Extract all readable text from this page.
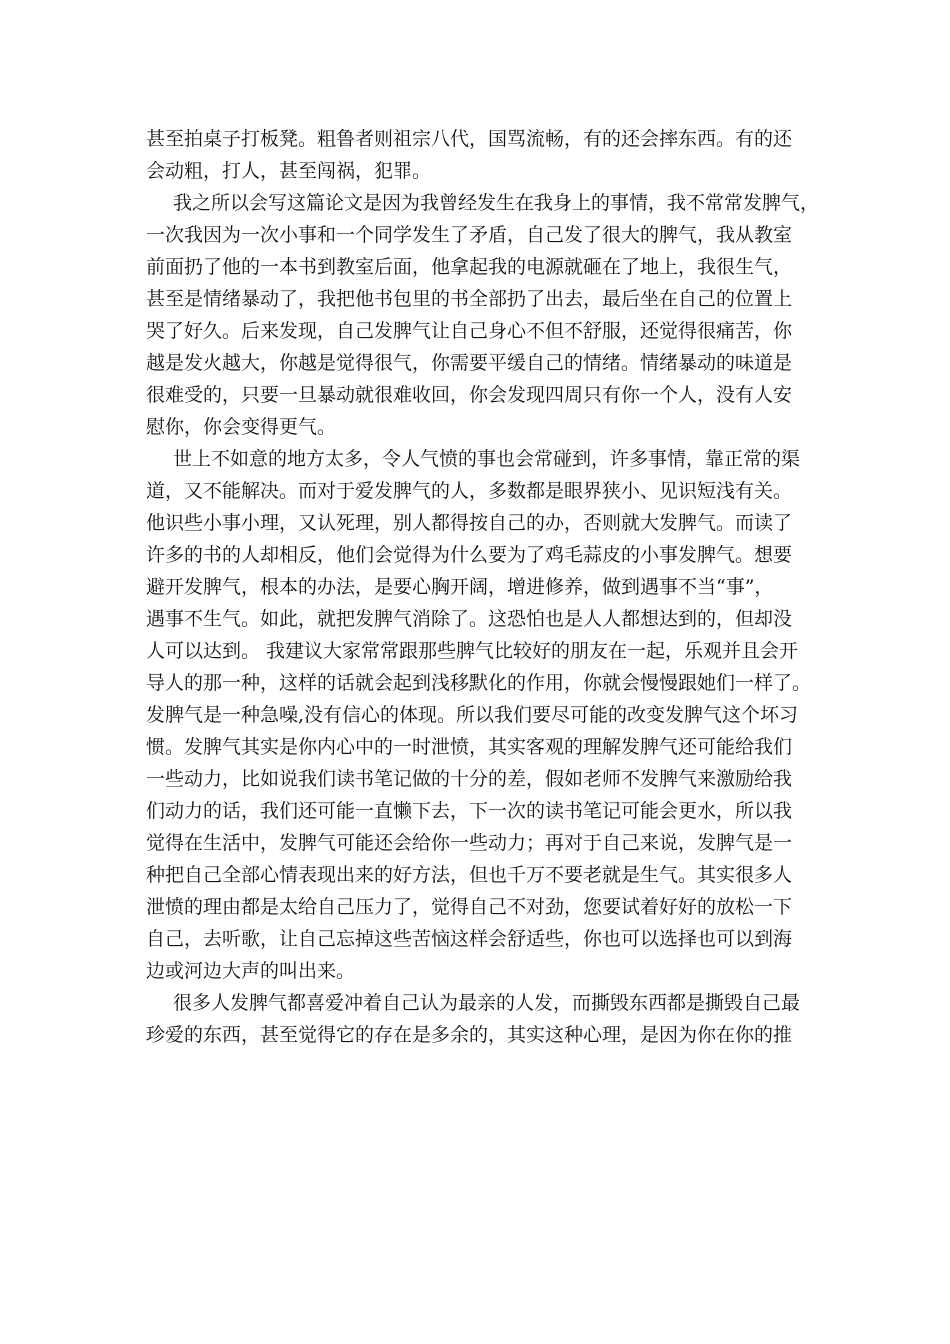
甚至拍桌子打板凳。粗鲁者则祖宗八代，国骂流畅，有的还会摔东西。有的还
会动粗，打人，甚至闯祸，犯罪。
我之所以会写这篇论文是因为我曾经发生在我身上的事情，我不常常发脾气，
一次我因为一次小事和一个同学发生了矛盾，自己发了很大的脾气，我从教室
前面扔了他的一本书到教室后面，他拿起我的电源就砸在了地上，我很生气，
甚至是情绪暴动了，我把他书包里的书全部扔了出去，最后坐在自己的位置上
哭了好久。后来发现，自己发脾气让自己身心不但不舒服，还觉得很痛苦，你
越是发火越大，你越是觉得很气，你需要平缓自己的情绪。情绪暴动的味道是
很难受的，只要一旦暴动就很难收回，你会发现四周只有你一个人，没有人安
慰你，你会变得更气。
世上不如意的地方太多，令人气愤的事也会常碰到，许多事情，靠正常的渠
道，又不能解决。而对于爱发脾气的人，多数都是眼界狭小、见识短浅有关。
他识些小事小理，又认死理，别人都得按自己的办，否则就大发脾气。而读了
许多的书的人却相反，他们会觉得为什么要为了鸡毛蒜皮的小事发脾气。想要
避开发脾气，根本的办法，是要心胸开阔，增进修养，做到遇事不当“事”，
遇事不生气。如此，就把发脾气消除了。这恐怕也是人人都想达到的，但却没
人可以达到。 我建议大家常常跟那些脾气比较好的朋友在一起，乐观并且会开
导人的那一种，这样的话就会起到浅移默化的作用，你就会慢慢跟她们一样了。
发脾气是一种急噪,没有信心的体现。所以我们要尽可能的改变发脾气这个坏习
惯。发脾气其实是你内心中的一时泄愤，其实客观的理解发脾气还可能给我们
一些动力，比如说我们读书笔记做的十分的差，假如老师不发脾气来激励给我
们动力的话，我们还可能一直懒下去，下一次的读书笔记可能会更水，所以我
觉得在生活中，发脾气可能还会给你一些动力；再对于自己来说，发脾气是一
种把自己全部心情表现出来的好方法，但也千万不要老就是生气。其实很多人
泄愤的理由都是太给自己压力了，觉得自己不对劲，您要试着好好的放松一下
自己，去听歌，让自己忘掉这些苦恼这样会舒适些，你也可以选择也可以到海
边或河边大声的叫出来。
很多人发脾气都喜爱冲着自己认为最亲的人发，而撕毁东西都是撕毁自己最
珍爱的东西，甚至觉得它的存在是多余的，其实这种心理，是因为你在你的推
